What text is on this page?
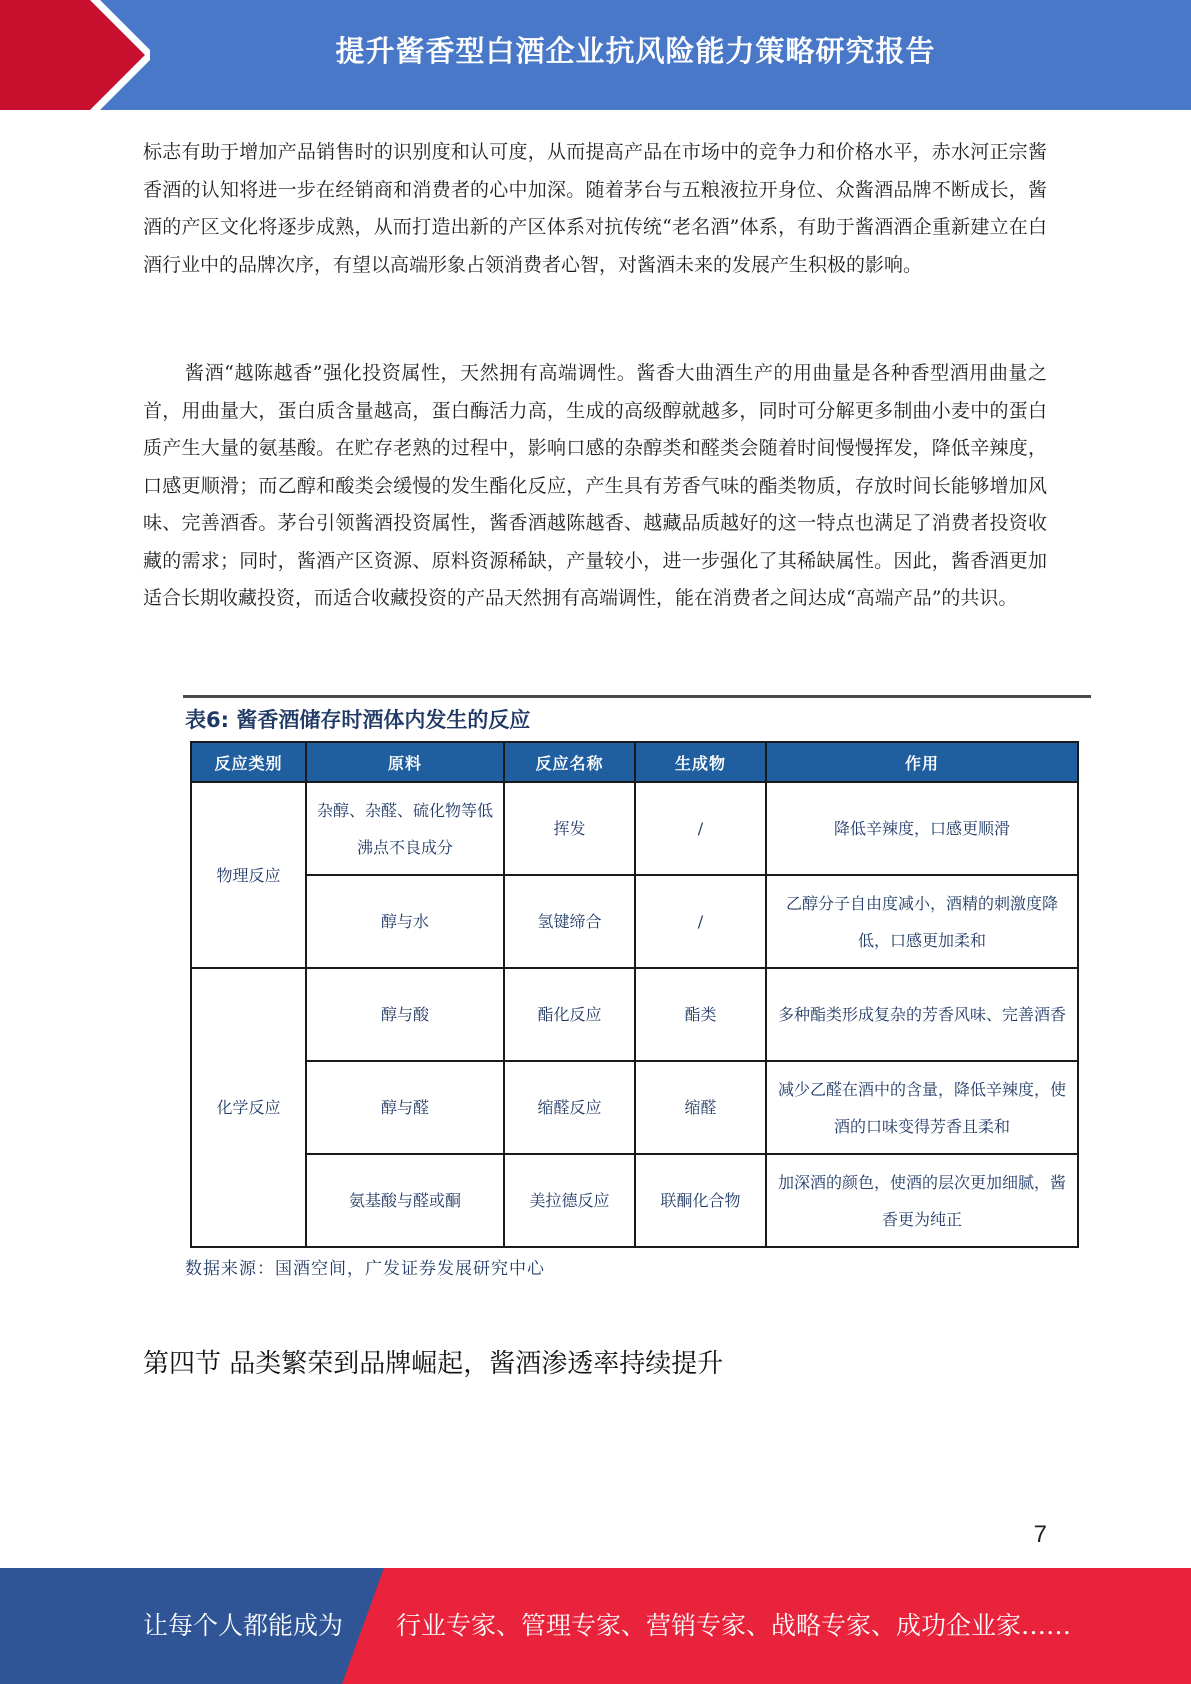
提升酱香型白酒企业抗风险能力策略研究报告

标志有助于增加产品销售时的识别度和认可度，从而提高产品在市场中的竞争力和价格水平，赤水河正宗酱香酒的认知将进一步在经销商和消费者的心中加深。随着茅台与五粮液拉开身位、众酱酒品牌不断成长，酱酒的产区文化将逐步成熟，从而打造出新的产区体系对抗传统“老名酒”体系，有助于酱酒酒企重新建立在白酒行业中的品牌次序，有望以高端形象占领消费者心智，对酱酒未来的发展产生积极的影响。

酱酒“越陈越香”强化投资属性，天然拥有高端调性。酱香大曲酒生产的用曲量是各种香型酒用曲量之首，用曲量大，蛋白质含量越高，蛋白酶活力高，生成的高级醇就越多，同时可分解更多制曲小麦中的蛋白质产生大量的氨基酸。在贮存老熟的过程中，影响口感的杂醇类和醛类会随着时间慢慢挥发，降低辛辣度，口感更顺滑；而乙醇和酸类会缓慢的发生酯化反应，产生具有芳香气味的酯类物质，存放时间长能够增加风味、完善酒香。茅台引领酱酒投资属性，酱香酒越陈越香、越藏品质越好的这一特点也满足了消费者投资收藏的需求；同时，酱酒产区资源、原料资源稀缺，产量较小，进一步强化了其稀缺属性。因此，酱香酒更加适合长期收藏投资，而适合收藏投资的产品天然拥有高端调性，能在消费者之间达成“高端产品”的共识。

表6: 酱香酒储存时酒体内发生的反应
反应类别	原料	反应名称	生成物	作用
物理反应	杂醇、杂醛、硫化物等低沸点不良成分	挥发	/	降低辛辣度，口感更顺滑
	醇与水	氢键缔合	/	乙醇分子自由度减小，酒精的刺激度降低，口感更加柔和
化学反应	醇与酸	酯化反应	酯类	多种酯类形成复杂的芳香风味、完善酒香
	醇与醛	缩醛反应	缩醛	减少乙醛在酒中的含量，降低辛辣度，使酒的口味变得芳香且柔和
	氨基酸与醛或酮	美拉德反应	联酮化合物	加深酒的颜色，使酒的层次更加细腻，酱香更为纯正
数据来源：国酒空间，广发证券发展研究中心
第四节 品类繁荣到品牌崛起，酱酒渗透率持续提升
7
让每个人都能成为 行业专家、管理专家、营销专家、战略专家、成功企业家……
